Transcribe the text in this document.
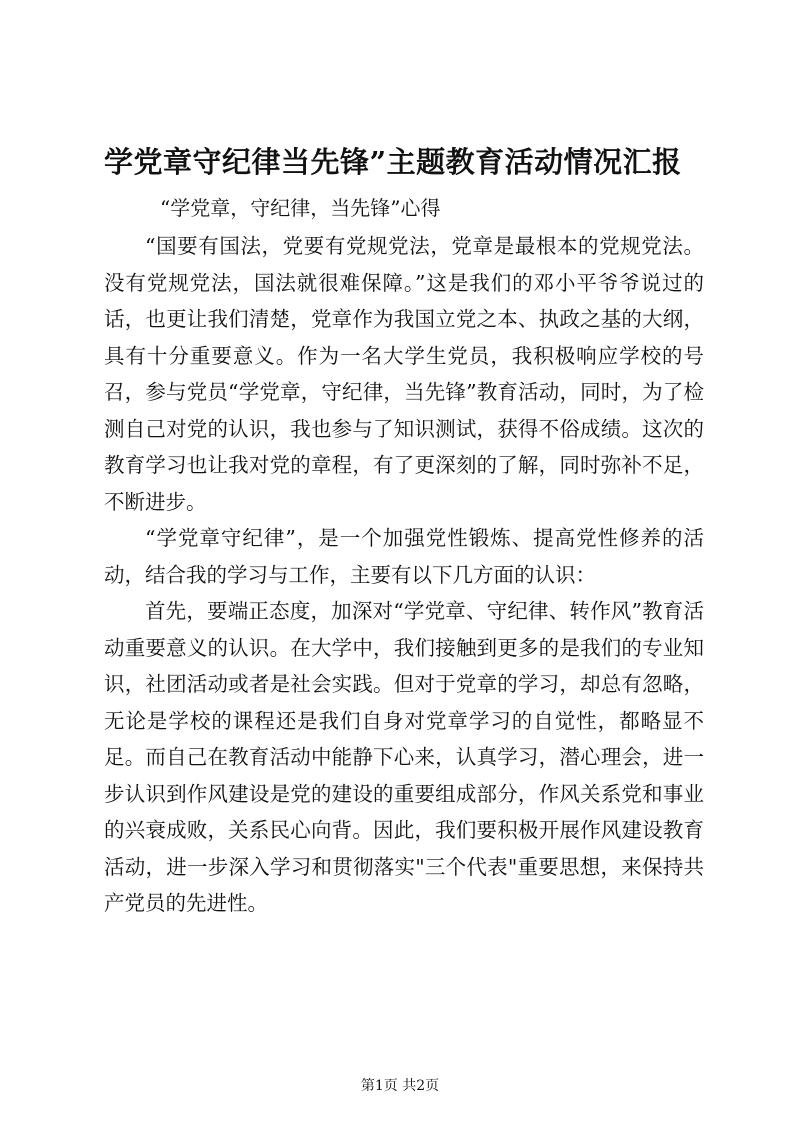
学党章守纪律当先锋”主题教育活动情况汇报
“学党章，守纪律，当先锋”心得

“国要有国法，党要有党规党法，党章是最根本的党规党法。没有党规党法，国法就很难保障。”这是我们的邓小平爷爷说过的话，也更让我们清楚，党章作为我国立党之本、执政之基的大纲，具有十分重要意义。作为一名大学生党员，我积极响应学校的号召，参与党员“学党章，守纪律，当先锋”教育活动，同时，为了检测自己对党的认识，我也参与了知识测试，获得不俗成绩。这次的教育学习也让我对党的章程，有了更深刻的了解，同时弥补不足，不断进步。

“学党章守纪律”，是一个加强党性锻炼、提高党性修养的活动，结合我的学习与工作，主要有以下几方面的认识：

首先，要端正态度，加深对“学党章、守纪律、转作风”教育活动重要意义的认识。在大学中，我们接触到更多的是我们的专业知识，社团活动或者是社会实践。但对于党章的学习，却总有忽略，无论是学校的课程还是我们自身对党章学习的自觉性，都略显不足。而自己在教育活动中能静下心来，认真学习，潜心理会，进一步认识到作风建设是党的建设的重要组成部分，作风关系党和事业的兴衰成败，关系民心向背。因此，我们要积极开展作风建设教育活动，进一步深入学习和贯彻落实"三个代表"重要思想，来保持共产党员的先进性。

第1页 共2页
